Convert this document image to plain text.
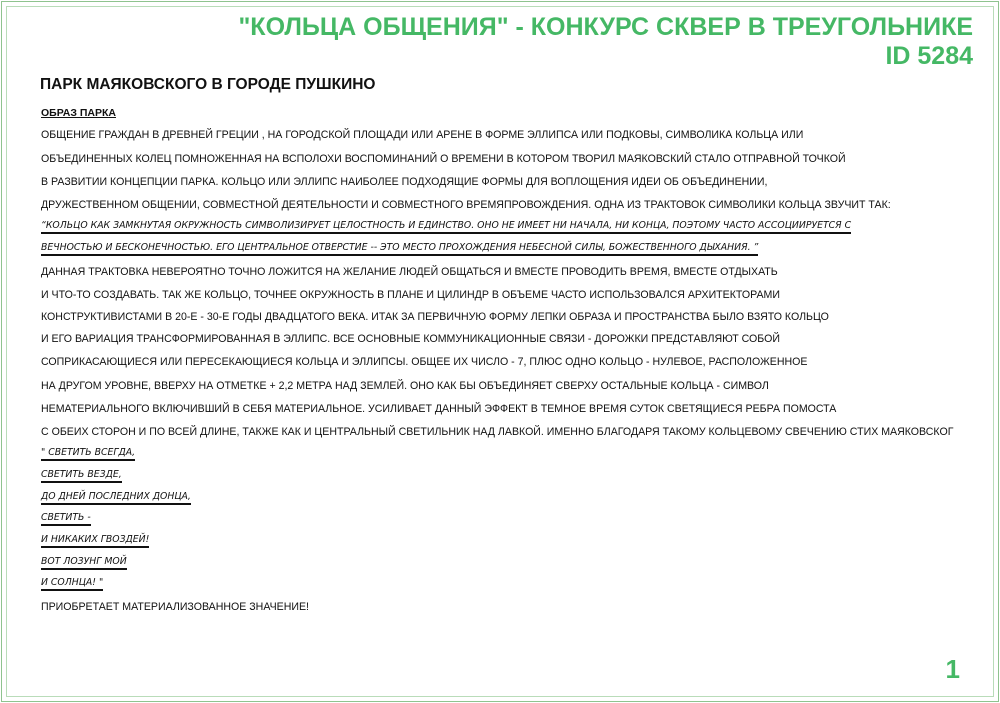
"КОЛЬЦА ОБЩЕНИЯ" - КОНКУРС СКВЕР В ТРЕУГОЛЬНИКЕ
ID 5284
ПАРК МАЯКОВСКОГО В ГОРОДЕ ПУШКИНО
ОБРАЗ ПАРКА
ОБЩЕНИЕ ГРАЖДАН В ДРЕВНЕЙ ГРЕЦИИ , НА ГОРОДСКОЙ ПЛОЩАДИ ИЛИ АРЕНЕ В ФОРМЕ ЭЛЛИПСА ИЛИ ПОДКОВЫ, СИМВОЛИКА КОЛЬЦА ИЛИ
ОБЪЕДИНЕННЫХ КОЛЕЦ ПОМНОЖЕННАЯ НА ВСПОЛОХИ ВОСПОМИНАНИЙ О ВРЕМЕНИ В КОТОРОМ ТВОРИЛ МАЯКОВСКИЙ СТАЛО ОТПРАВНОЙ ТОЧКОЙ
В РАЗВИТИИ КОНЦЕПЦИИ ПАРКА. КОЛЬЦО ИЛИ ЭЛЛИПС НАИБОЛЕЕ ПОДХОДЯЩИЕ ФОРМЫ ДЛЯ ВОПЛОЩЕНИЯ ИДЕИ ОБ ОБЪЕДИНЕНИИ,
ДРУЖЕСТВЕННОМ ОБЩЕНИИ, СОВМЕСТНОЙ ДЕЯТЕЛЬНОСТИ И СОВМЕСТНОГО ВРЕМЯПРОВОЖДЕНИЯ. ОДНА ИЗ ТРАКТОВОК СИМВОЛИКИ КОЛЬЦА ЗВУЧИТ ТАК:
“КОЛЬЦО КАК ЗАМКНУТАЯ ОКРУЖНОСТЬ СИМВОЛИЗИРУЕТ ЦЕЛОСТНОСТЬ И ЕДИНСТВО. ОНО НЕ ИМЕЕТ НИ НАЧАЛА, НИ КОНЦА, ПОЭТОМУ ЧАСТО АССОЦИИРУЕТСЯ С
ВЕЧНОСТЬЮ И БЕСКОНЕЧНОСТЬЮ. ЕГО ЦЕНТРАЛЬНОЕ ОТВЕРСТИЕ -- ЭТО МЕСТО ПРОХОЖДЕНИЯ НЕБЕСНОЙ СИЛЫ, БОЖЕСТВЕННОГО ДЫХАНИЯ. ”
ДАННАЯ ТРАКТОВКА НЕВЕРОЯТНО ТОЧНО ЛОЖИТСЯ НА ЖЕЛАНИЕ ЛЮДЕЙ ОБЩАТЬСЯ И ВМЕСТЕ ПРОВОДИТЬ ВРЕМЯ, ВМЕСТЕ ОТДЫХАТЬ
И ЧТО-ТО СОЗДАВАТЬ. ТАК ЖЕ КОЛЬЦО, ТОЧНЕЕ ОКРУЖНОСТЬ В ПЛАНЕ И ЦИЛИНДР В ОБЪЕМЕ ЧАСТО ИСПОЛЬЗОВАЛСЯ АРХИТЕКТОРАМИ
КОНСТРУКТИВИСТАМИ В 20-Е - 30-Е ГОДЫ ДВАДЦАТОГО ВЕКА. ИТАК ЗА ПЕРВИЧНУЮ ФОРМУ ЛЕПКИ ОБРАЗА И ПРОСТРАНСТВА БЫЛО ВЗЯТО КОЛЬЦО
И ЕГО ВАРИАЦИЯ ТРАНСФОРМИРОВАННАЯ В ЭЛЛИПС. ВСЕ ОСНОВНЫЕ КОММУНИКАЦИОННЫЕ СВЯЗИ - ДОРОЖКИ ПРЕДСТАВЛЯЮТ СОБОЙ
СОПРИКАСАЮЩИЕСЯ ИЛИ ПЕРЕСЕКАЮЩИЕСЯ КОЛЬЦА И ЭЛЛИПСЫ. ОБЩЕЕ ИХ ЧИСЛО - 7, ПЛЮС ОДНО КОЛЬЦО - НУЛЕВОЕ, РАСПОЛОЖЕННОЕ
НА ДРУГОМ УРОВНЕ, ВВЕРХУ НА ОТМЕТКЕ + 2,2 МЕТРА НАД ЗЕМЛЕЙ. ОНО КАК БЫ ОБЪЕДИНЯЕТ СВЕРХУ ОСТАЛЬНЫЕ КОЛЬЦА - СИМВОЛ
НЕМАТЕРИАЛЬНОГО ВКЛЮЧИВШИЙ В СЕБЯ МАТЕРИАЛЬНОЕ. УСИЛИВАЕТ ДАННЫЙ ЭФФЕКТ В ТЕМНОЕ ВРЕМЯ СУТОК СВЕТЯЩИЕСЯ РЕБРА ПОМОСТА
С ОБЕИХ СТОРОН И ПО ВСЕЙ ДЛИНЕ, ТАКЖЕ КАК И ЦЕНТРАЛЬНЫЙ СВЕТИЛЬНИК НАД ЛАВКОЙ. ИМЕННО БЛАГОДАРЯ ТАКОМУ КОЛЬЦЕВОМУ СВЕЧЕНИЮ СТИХ МАЯКОВСКОГ
" СВЕТИТЬ ВСЕГДА,
СВЕТИТЬ ВЕЗДЕ,
ДО ДНЕЙ ПОСЛЕДНИХ ДОНЦА,
СВЕТИТЬ -
И НИКАКИХ ГВОЗДЕЙ!
ВОТ ЛОЗУНГ МОЙ
И СОЛНЦА! "
ПРИОБРЕТАЕТ МАТЕРИАЛИЗОВАННОЕ ЗНАЧЕНИЕ!
1
